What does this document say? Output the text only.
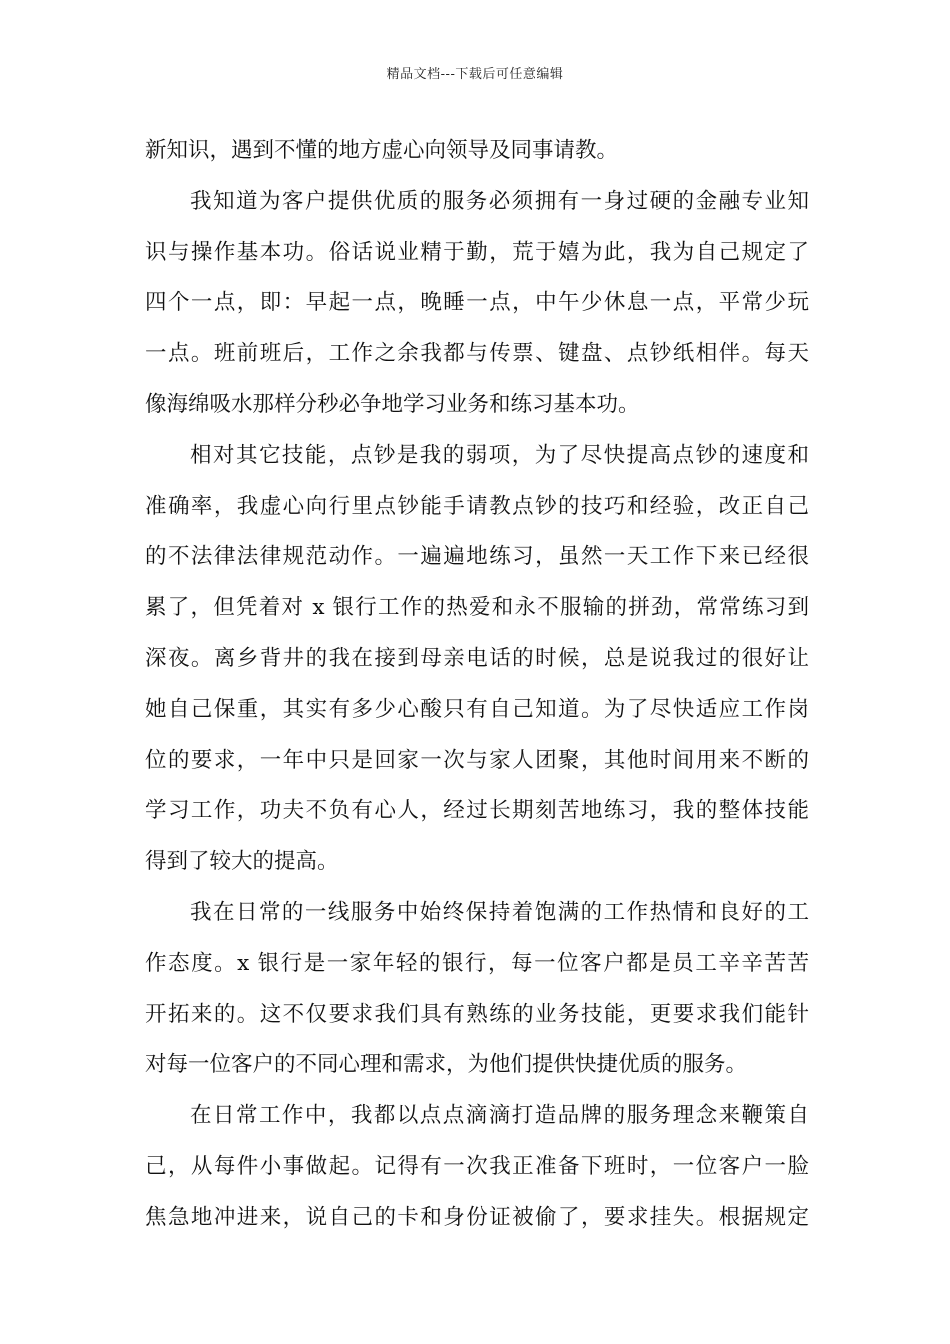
精品文档---下载后可任意编辑
新知识，遇到不懂的地方虚心向领导及同事请教。
我知道为客户提供优质的服务必须拥有一身过硬的金融专业知
识与操作基本功。俗话说业精于勤，荒于嬉为此，我为自己规定了
四个一点，即：早起一点，晚睡一点，中午少休息一点，平常少玩
一点。班前班后，工作之余我都与传票、键盘、点钞纸相伴。每天
像海绵吸水那样分秒必争地学习业务和练习基本功。
相对其它技能，点钞是我的弱项，为了尽快提高点钞的速度和
准确率，我虚心向行里点钞能手请教点钞的技巧和经验，改正自己
的不法律法律规范动作。一遍遍地练习，虽然一天工作下来已经很
累了，但凭着对 x 银行工作的热爱和永不服输的拼劲，常常练习到
深夜。离乡背井的我在接到母亲电话的时候，总是说我过的很好让
她自己保重，其实有多少心酸只有自己知道。为了尽快适应工作岗
位的要求，一年中只是回家一次与家人团聚，其他时间用来不断的
学习工作，功夫不负有心人，经过长期刻苦地练习，我的整体技能
得到了较大的提高。
我在日常的一线服务中始终保持着饱满的工作热情和良好的工
作态度。x 银行是一家年轻的银行，每一位客户都是员工辛辛苦苦
开拓来的。这不仅要求我们具有熟练的业务技能，更要求我们能针
对每一位客户的不同心理和需求，为他们提供快捷优质的服务。
在日常工作中，我都以点点滴滴打造品牌的服务理念来鞭策自
己，从每件小事做起。记得有一次我正准备下班时，一位客户一脸
焦急地冲进来，说自己的卡和身份证被偷了，要求挂失。根据规定
